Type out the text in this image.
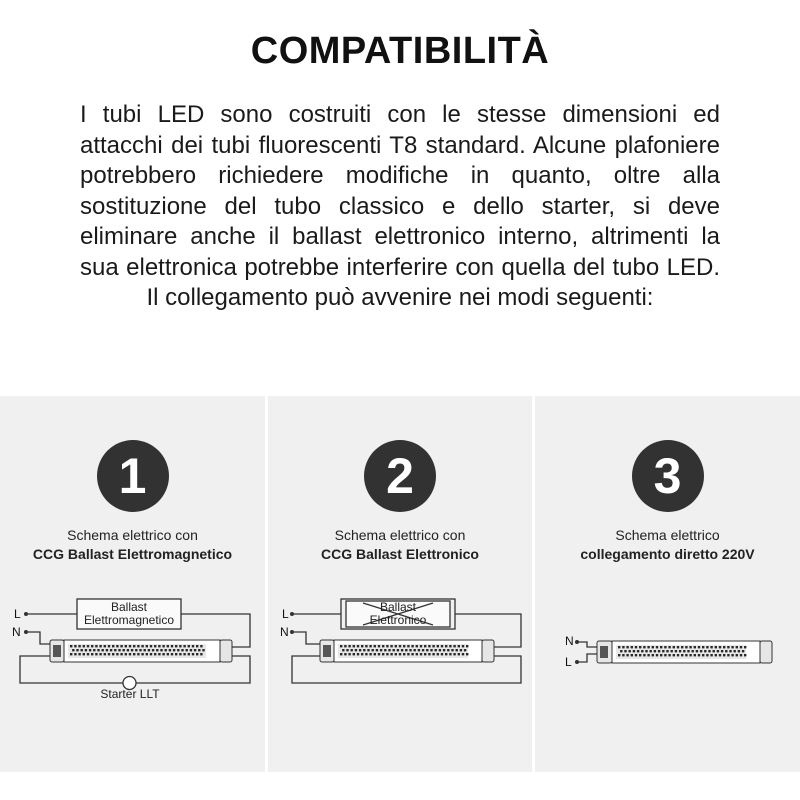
COMPATIBILITÀ

I tubi LED sono costruiti con le stesse dimensioni ed attacchi dei tubi fluorescenti T8 standard. Alcune plafoniere potrebbero richiedere modifiche in quanto, oltre alla sostituzione del tubo classico e dello starter, si deve eliminare anche il ballast elettronico interno, altrimenti la sua elettronica potrebbe interferire con quella del tubo LED. Il collegamento può avvenire nei modi seguenti:

1
Schema elettrico con
CCG Ballast Elettromagnetico
L
N
Ballast
Elettromagnetico
Starter LLT
2
Schema elettrico con
CCG Ballast Elettronico
L
N
Ballast
Elettronico
3
Schema elettrico
collegamento diretto 220V
N
L
